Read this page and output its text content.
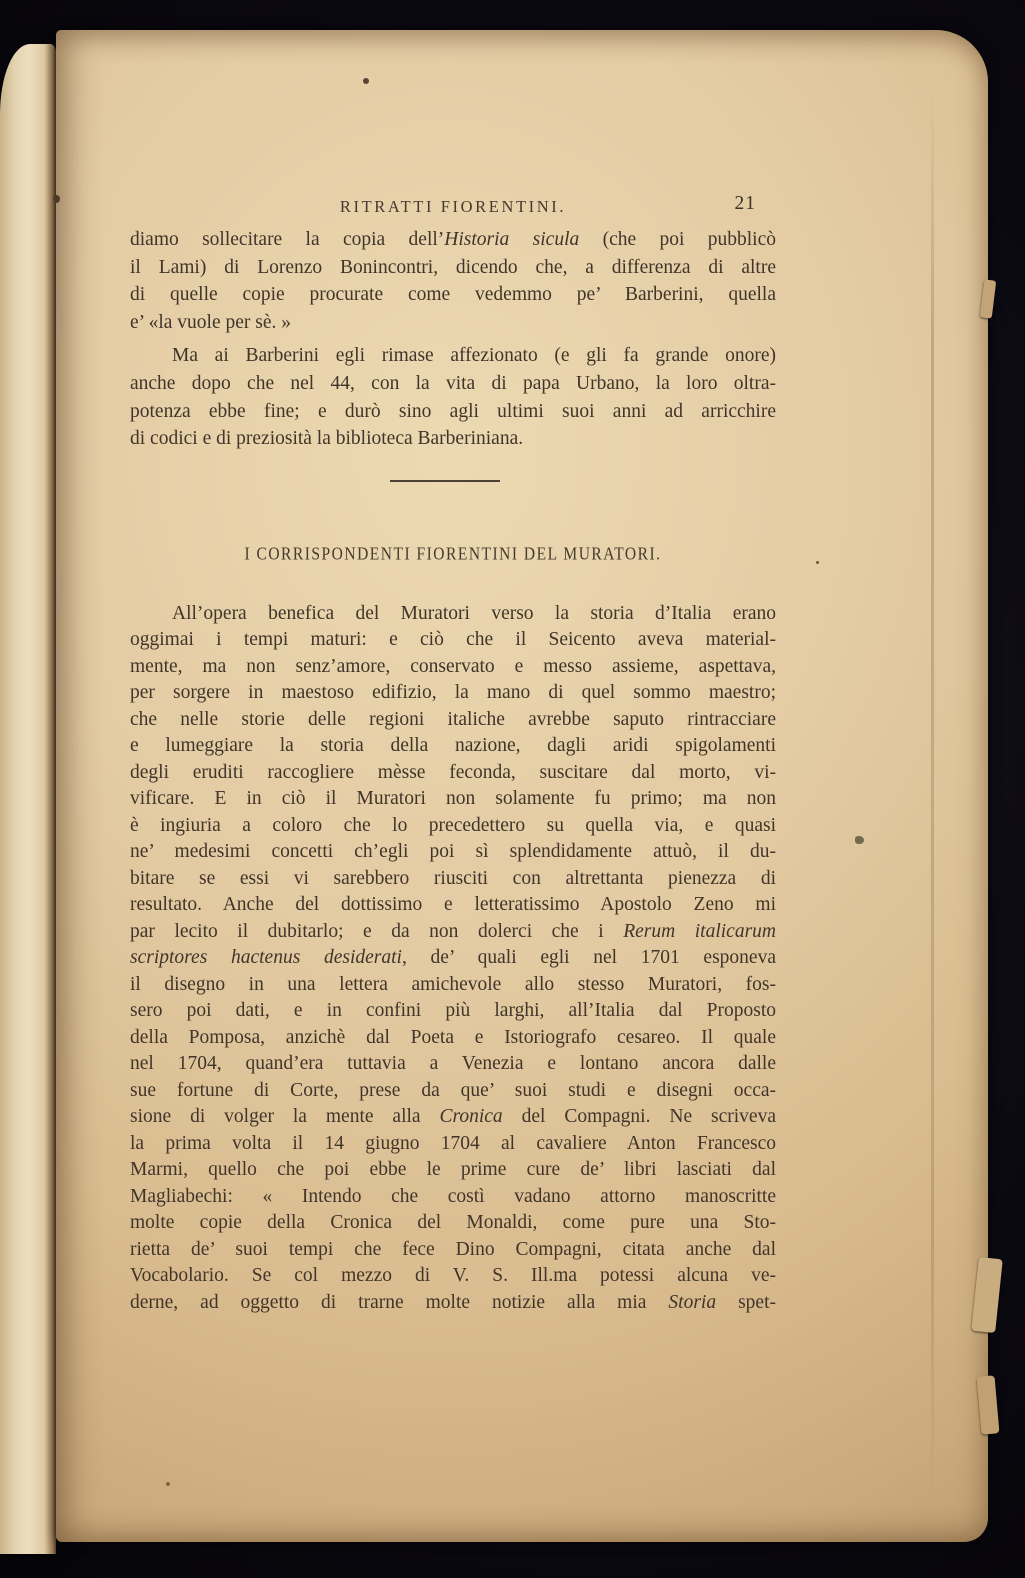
RITRATTI FIORENTINI.	21
diamo sollecitare la copia dell’Historia sicula (che poi pubblicò
il Lami) di Lorenzo Bonincontri, dicendo che, a differenza di altre
di quelle copie procurate come vedemmo pe’ Barberini, quella
e’ «la vuole per sè. »
Ma ai Barberini egli rimase affezionato (e gli fa grande onore)
anche dopo che nel 44, con la vita di papa Urbano, la loro oltra-
potenza ebbe fine; e durò sino agli ultimi suoi anni ad arricchire
di codici e di preziosità la biblioteca Barberiniana.
I CORRISPONDENTI FIORENTINI DEL MURATORI.
All’opera benefica del Muratori verso la storia d’Italia erano
oggimai i tempi maturi: e ciò che il Seicento aveva material-
mente, ma non senz’amore, conservato e messo assieme, aspettava,
per sorgere in maestoso edifizio, la mano di quel sommo maestro;
che nelle storie delle regioni italiche avrebbe saputo rintracciare
e lumeggiare la storia della nazione, dagli aridi spigolamenti
degli eruditi raccogliere mèsse feconda, suscitare dal morto, vi-
vificare. E in ciò il Muratori non solamente fu primo; ma non
è ingiuria a coloro che lo precedettero su quella via, e quasi
ne’ medesimi concetti ch’egli poi sì splendidamente attuò, il du-
bitare se essi vi sarebbero riusciti con altrettanta pienezza di
resultato. Anche del dottissimo e letteratissimo Apostolo Zeno mi
par lecito il dubitarlo; e da non dolerci che i Rerum italicarum
scriptores hactenus desiderati, de’ quali egli nel 1701 esponeva
il disegno in una lettera amichevole allo stesso Muratori, fos-
sero poi dati, e in confini più larghi, all’Italia dal Proposto
della Pomposa, anzichè dal Poeta e Istoriografo cesareo. Il quale
nel 1704, quand’era tuttavia a Venezia e lontano ancora dalle
sue fortune di Corte, prese da que’ suoi studi e disegni occa-
sione di volger la mente alla Cronica del Compagni. Ne scriveva
la prima volta il 14 giugno 1704 al cavaliere Anton Francesco
Marmi, quello che poi ebbe le prime cure de’ libri lasciati dal
Magliabechi: « Intendo che costì vadano attorno manoscritte
molte copie della Cronica del Monaldi, come pure una Sto-
rietta de’ suoi tempi che fece Dino Compagni, citata anche dal
Vocabolario. Se col mezzo di V. S. Ill.ma potessi alcuna ve-
derne, ad oggetto di trarne molte notizie alla mia Storia spet-
